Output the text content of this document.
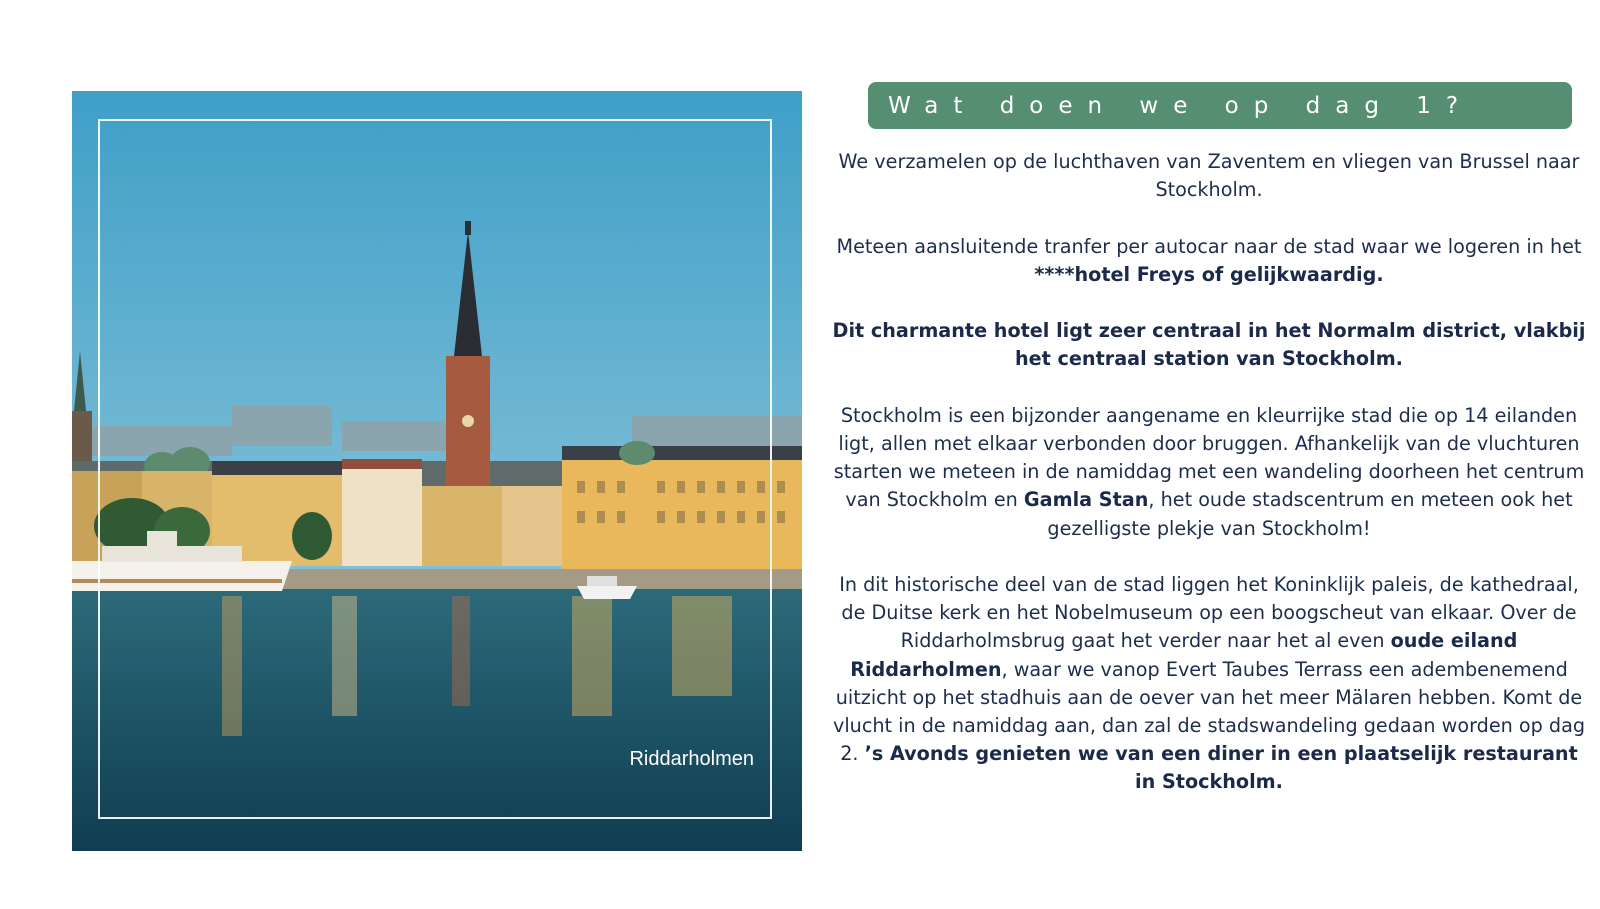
Riddarholmen
Wat doen we op dag 1?

We verzamelen op de luchthaven van Zaventem en vliegen van Brussel naar Stockholm.

Meteen aansluitende tranfer per autocar naar de stad waar we logeren in het ****hotel Freys of gelijkwaardig.

Dit charmante hotel ligt zeer centraal in het Normalm district, vlakbij het centraal station van Stockholm.

Stockholm is een bijzonder aangename en kleurrijke stad die op 14 eilanden ligt, allen met elkaar verbonden door bruggen. Afhankelijk van de vluchturen starten we meteen in de namiddag met een wandeling doorheen het centrum van Stockholm en Gamla Stan, het oude stadscentrum en meteen ook het gezelligste plekje van Stockholm!

In dit historische deel van de stad liggen het Koninklijk paleis, de kathedraal, de Duitse kerk en het Nobelmuseum op een boogscheut van elkaar. Over de Riddarholmsbrug gaat het verder naar het al even oude eiland Riddarholmen, waar we vanop Evert Taubes Terrass een adembenemend

uitzicht op het stadhuis aan de oever van het meer Mälaren hebben. Komt de vlucht in de namiddag aan, dan zal de stadswandeling gedaan worden op dag 2. ’s Avonds genieten we van een diner in een plaatselijk restaurant in Stockholm.
